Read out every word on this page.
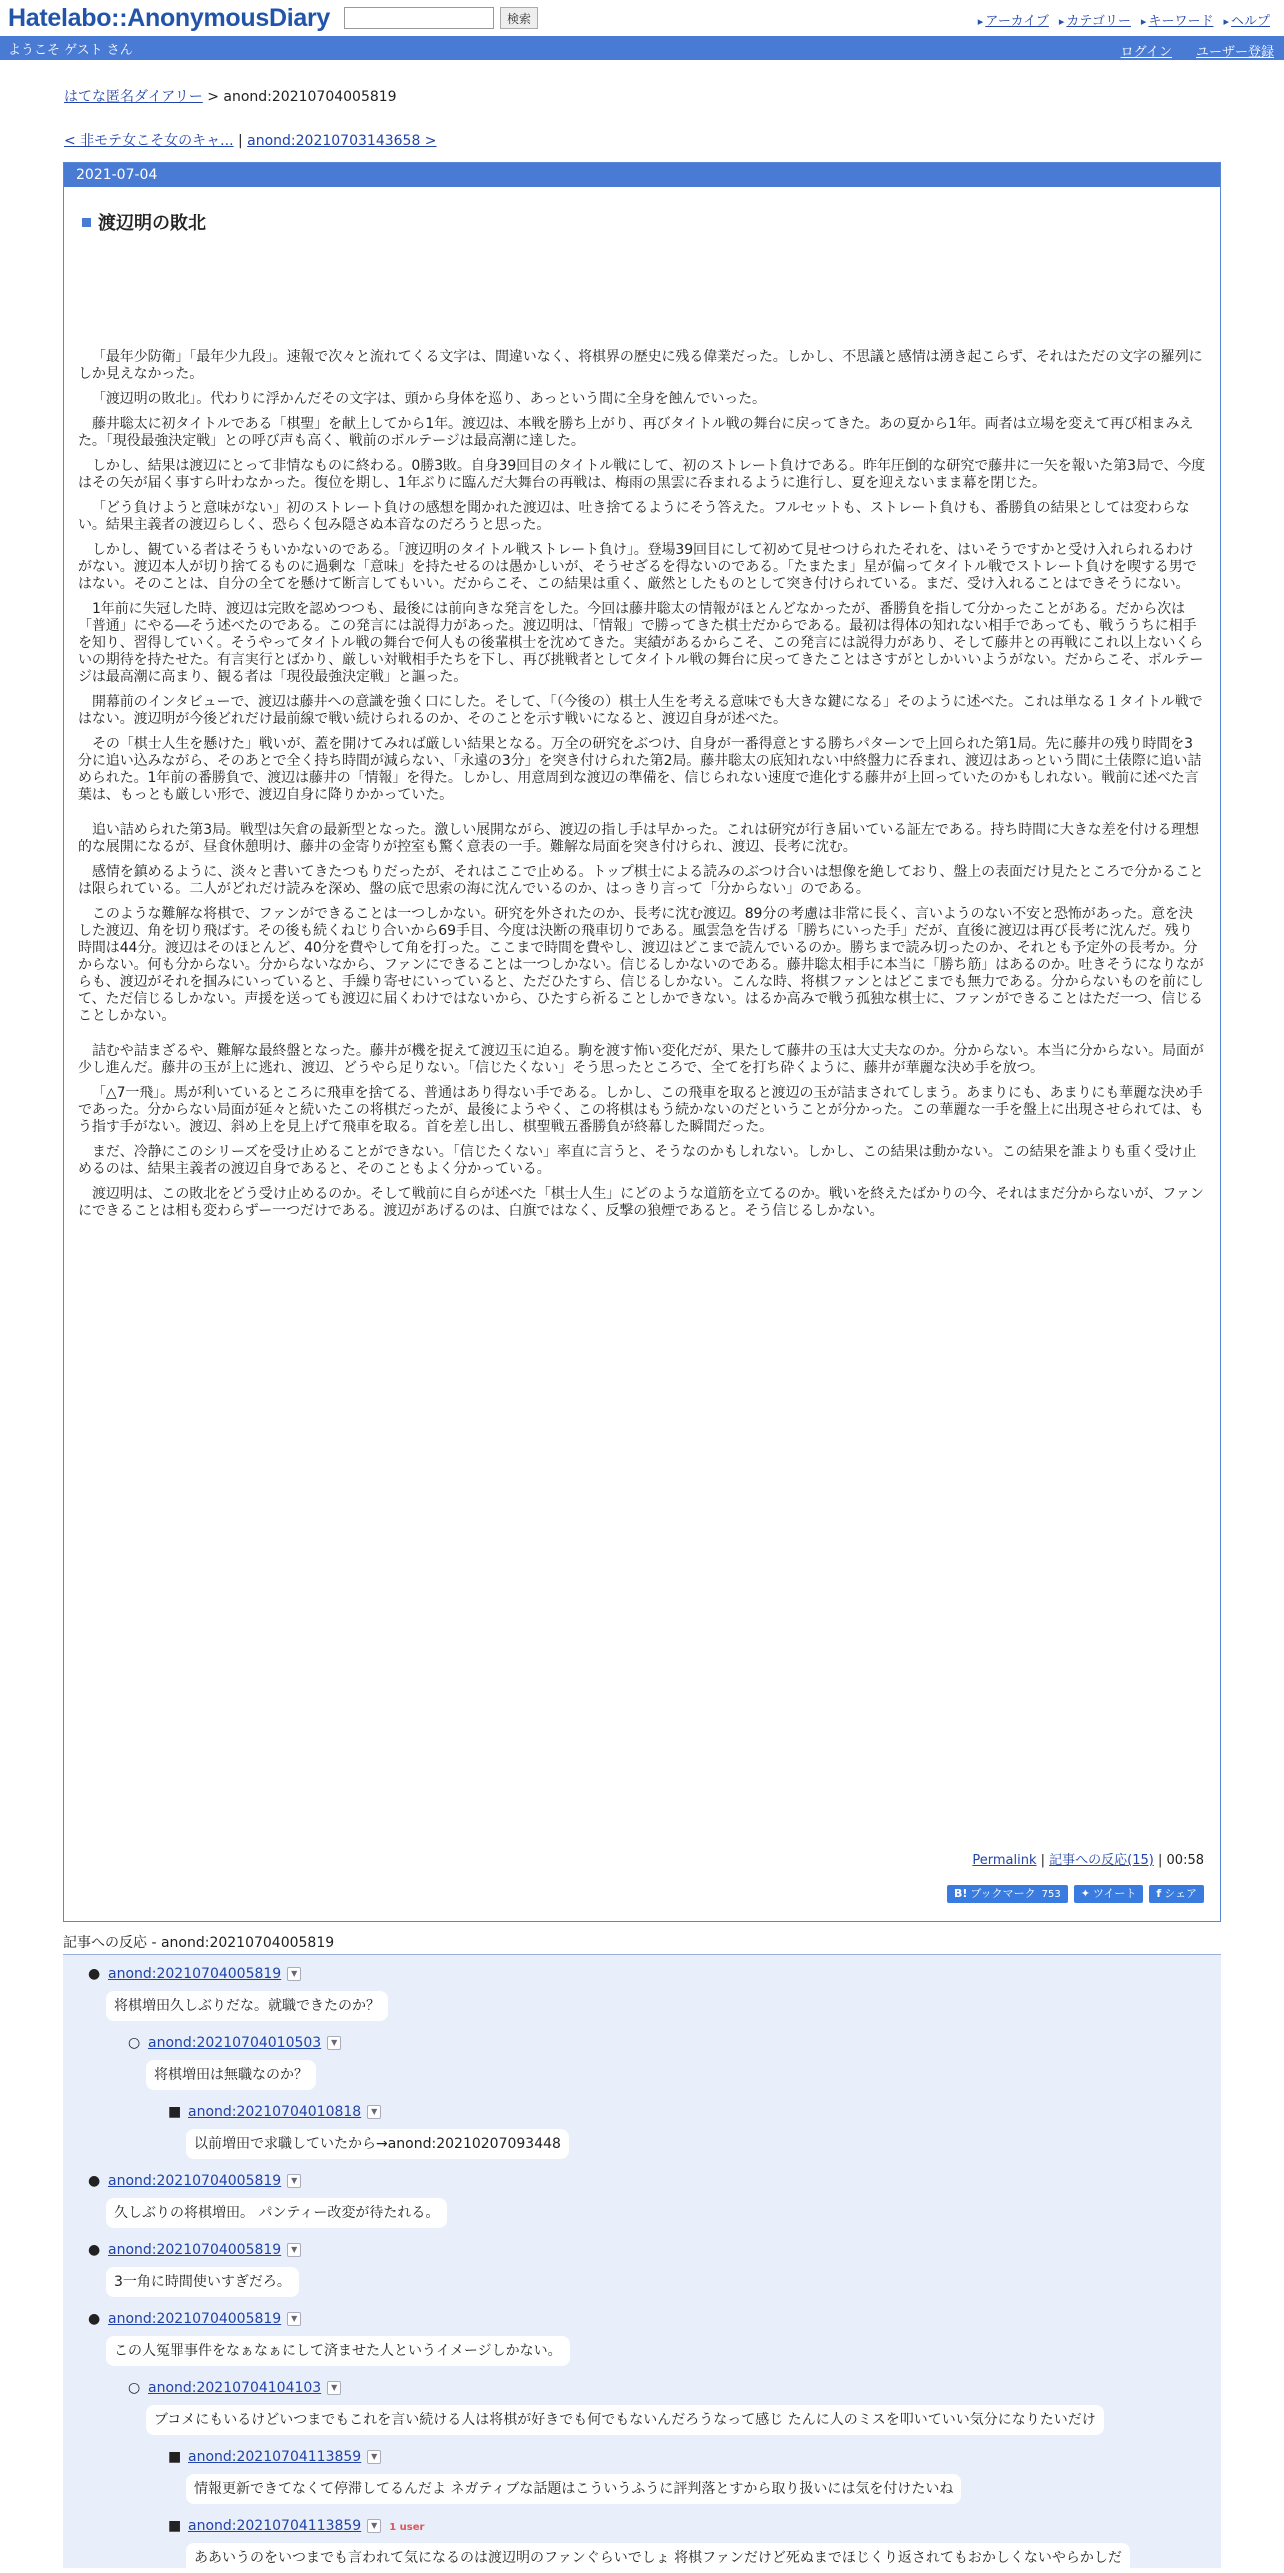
Hatelabo::AnonymousDiary	検索	▸ アーカイブ	▸ カテゴリー	▸ キーワード	▸ ヘルプ
ようこそ ゲスト さん	ログイン ユーザー登録
はてな匿名ダイアリー > anond:20210704005819
< 非モテ女こそ女のキャ... | anond:20210703143658 >
2021-07-04
渡辺明の敗北

「最年少防衛」「最年少九段」。速報で次々と流れてくる文字は、間違いなく、将棋界の歴史に残る偉業だった。しかし、不思議と感情は湧き起こらず、それはただの文字の羅列にしか見えなかった。

「渡辺明の敗北」。代わりに浮かんだその文字は、頭から身体を巡り、あっという間に全身を蝕んでいった。

藤井聡太に初タイトルである「棋聖」を献上してから1年。渡辺は、本戦を勝ち上がり、再びタイトル戦の舞台に戻ってきた。あの夏から1年。両者は立場を変えて再び相まみえた。「現役最強決定戦」との呼び声も高く、戦前のボルテージは最高潮に達した。

しかし、結果は渡辺にとって非情なものに終わる。0勝3敗。自身39回目のタイトル戦にして、初のストレート負けである。昨年圧倒的な研究で藤井に一矢を報いた第3局で、今度はその矢が届く事すら叶わなかった。復位を期し、1年ぶりに臨んだ大舞台の再戦は、梅雨の黒雲に呑まれるように進行し、夏を迎えないまま幕を閉じた。

「どう負けようと意味がない」初のストレート負けの感想を聞かれた渡辺は、吐き捨てるようにそう答えた。フルセットも、ストレート負けも、番勝負の結果としては変わらない。結果主義者の渡辺らしく、恐らく包み隠さぬ本音なのだろうと思った。

しかし、観ている者はそうもいかないのである。「渡辺明のタイトル戦ストレート負け」。登場39回目にして初めて見せつけられたそれを、はいそうですかと受け入れられるわけがない。渡辺本人が切り捨てるものに過剰な「意味」を持たせるのは愚かしいが、そうせざるを得ないのである。「たまたま」星が偏ってタイトル戦でストレート負けを喫する男ではない。そのことは、自分の全てを懸けて断言してもいい。だからこそ、この結果は重く、厳然としたものとして突き付けられている。まだ、受け入れることはできそうにない。

1年前に失冠した時、渡辺は完敗を認めつつも、最後には前向きな発言をした。今回は藤井聡太の情報がほとんどなかったが、番勝負を指して分かったことがある。だから次は「普通」にやる―そう述べたのである。この発言には説得力があった。渡辺明は、「情報」で勝ってきた棋士だからである。最初は得体の知れない相手であっても、戦ううちに相手を知り、習得していく。そうやってタイトル戦の舞台で何人もの後輩棋士を沈めてきた。実績があるからこそ、この発言には説得力があり、そして藤井との再戦にこれ以上ないくらいの期待を持たせた。有言実行とばかり、厳しい対戦相手たちを下し、再び挑戦者としてタイトル戦の舞台に戻ってきたことはさすがとしかいいようがない。だからこそ、ボルテージは最高潮に高まり、観る者は「現役最強決定戦」と謳った。

開幕前のインタビューで、渡辺は藤井への意識を強く口にした。そして、「（今後の）棋士人生を考える意味でも大きな鍵になる」そのように述べた。これは単なる１タイトル戦ではない。渡辺明が今後どれだけ最前線で戦い続けられるのか、そのことを示す戦いになると、渡辺自身が述べた。

その「棋士人生を懸けた」戦いが、蓋を開けてみれば厳しい結果となる。万全の研究をぶつけ、自身が一番得意とする勝ちパターンで上回られた第1局。先に藤井の残り時間を3分に追い込みながら、そのあとで全く持ち時間が減らない、「永遠の3分」を突き付けられた第2局。藤井聡太の底知れない中終盤力に呑まれ、渡辺はあっという間に土俵際に追い詰められた。1年前の番勝負で、渡辺は藤井の「情報」を得た。しかし、用意周到な渡辺の準備を、信じられない速度で進化する藤井が上回っていたのかもしれない。戦前に述べた言葉は、もっとも厳しい形で、渡辺自身に降りかかっていた。

追い詰められた第3局。戦型は矢倉の最新型となった。激しい展開ながら、渡辺の指し手は早かった。これは研究が行き届いている証左である。持ち時間に大きな差を付ける理想的な展開になるが、昼食休憩明け、藤井の金寄りが控室も驚く意表の一手。難解な局面を突き付けられ、渡辺、長考に沈む。

感情を鎮めるように、淡々と書いてきたつもりだったが、それはここで止める。トップ棋士による読みのぶつけ合いは想像を絶しており、盤上の表面だけ見たところで分かることは限られている。二人がどれだけ読みを深め、盤の底で思索の海に沈んでいるのか、はっきり言って「分からない」のである。

このような難解な将棋で、ファンができることは一つしかない。研究を外されたのか、長考に沈む渡辺。89分の考慮は非常に長く、言いようのない不安と恐怖があった。意を決した渡辺、角を切り飛ばす。その後も続くねじり合いから69手目、今度は決断の飛車切りである。風雲急を告げる「勝ちにいった手」だが、直後に渡辺は再び長考に沈んだ。残り時間は44分。渡辺はそのほとんど、40分を費やして角を打った。ここまで時間を費やし、渡辺はどこまで読んでいるのか。勝ちまで読み切ったのか、それとも予定外の長考か。分からない。何も分からない。分からないなから、ファンにできることは一つしかない。信じるしかないのである。藤井聡太相手に本当に「勝ち筋」はあるのか。吐きそうになりながらも、渡辺がそれを掴みにいっていると、手繰り寄せにいっていると、ただひたすら、信じるしかない。こんな時、将棋ファンとはどこまでも無力である。分からないものを前にして、ただ信じるしかない。声援を送っても渡辺に届くわけではないから、ひたすら祈ることしかできない。はるか高みで戦う孤独な棋士に、ファンができることはただ一つ、信じることしかない。

詰むや詰まざるや、難解な最終盤となった。藤井が機を捉えて渡辺玉に迫る。駒を渡す怖い変化だが、果たして藤井の玉は大丈夫なのか。分からない。本当に分からない。局面が少し進んだ。藤井の玉が上に逃れ、渡辺、どうやら足りない。「信じたくない」そう思ったところで、全てを打ち砕くように、藤井が華麗な決め手を放つ。

「△7一飛」。馬が利いているところに飛車を捨てる、普通はあり得ない手である。しかし、この飛車を取ると渡辺の玉が詰まされてしまう。あまりにも、あまりにも華麗な決め手であった。分からない局面が延々と続いたこの将棋だったが、最後にようやく、この将棋はもう続かないのだということが分かった。この華麗な一手を盤上に出現させられては、もう指す手がない。渡辺、斜め上を見上げて飛車を取る。首を差し出し、棋聖戦五番勝負が終幕した瞬間だった。

まだ、冷静にこのシリーズを受け止めることができない。「信じたくない」率直に言うと、そうなのかもしれない。しかし、この結果は動かない。この結果を誰よりも重く受け止めるのは、結果主義者の渡辺自身であると、そのこともよく分かっている。

渡辺明は、この敗北をどう受け止めるのか。そして戦前に自らが述べた「棋士人生」にどのような道筋を立てるのか。戦いを終えたばかりの今、それはまだ分からないが、ファンにできることは相も変わらずー一つだけである。渡辺があげるのは、白旗ではなく、反撃の狼煙であると。そう信じるしかない。

Permalink | 記事への反応(15) | 00:58
B! ブックマーク 753	✦ ツイート	f シェア
記事への反応 - anond:20210704005819
● anond:20210704005819 ▼
将棋増田久しぶりだな。就職できたのか？
○ anond:20210704010503 ▼
将棋増田は無職なのか？
■ anond:20210704010818 ▼
以前増田で求職していたから→anond:20210207093448
● anond:20210704005819 ▼
久しぶりの将棋増田。 パンティー改変が待たれる。
● anond:20210704005819 ▼
3一角に時間使いすぎだろ。
● anond:20210704005819 ▼
この人冤罪事件をなぁなぁにして済ませた人というイメージしかない。
○ anond:20210704104103 ▼
ブコメにもいるけどいつまでもこれを言い続ける人は将棋が好きでも何でもないんだろうなって感じ たんに人のミスを叩いていい気分になりたいだけ
■ anond:20210704113859 ▼
情報更新できてなくて停滞してるんだよ ネガティブな話題はこういうふうに評判落とすから取り扱いには気を付けたいね
■ anond:20210704113859 ▼ 1 user
ああいうのをいつまでも言われて気になるのは渡辺明のファンぐらいでしょ 将棋ファンだけど死ぬまでほじくり返されてもおかしくないやらかしだ
